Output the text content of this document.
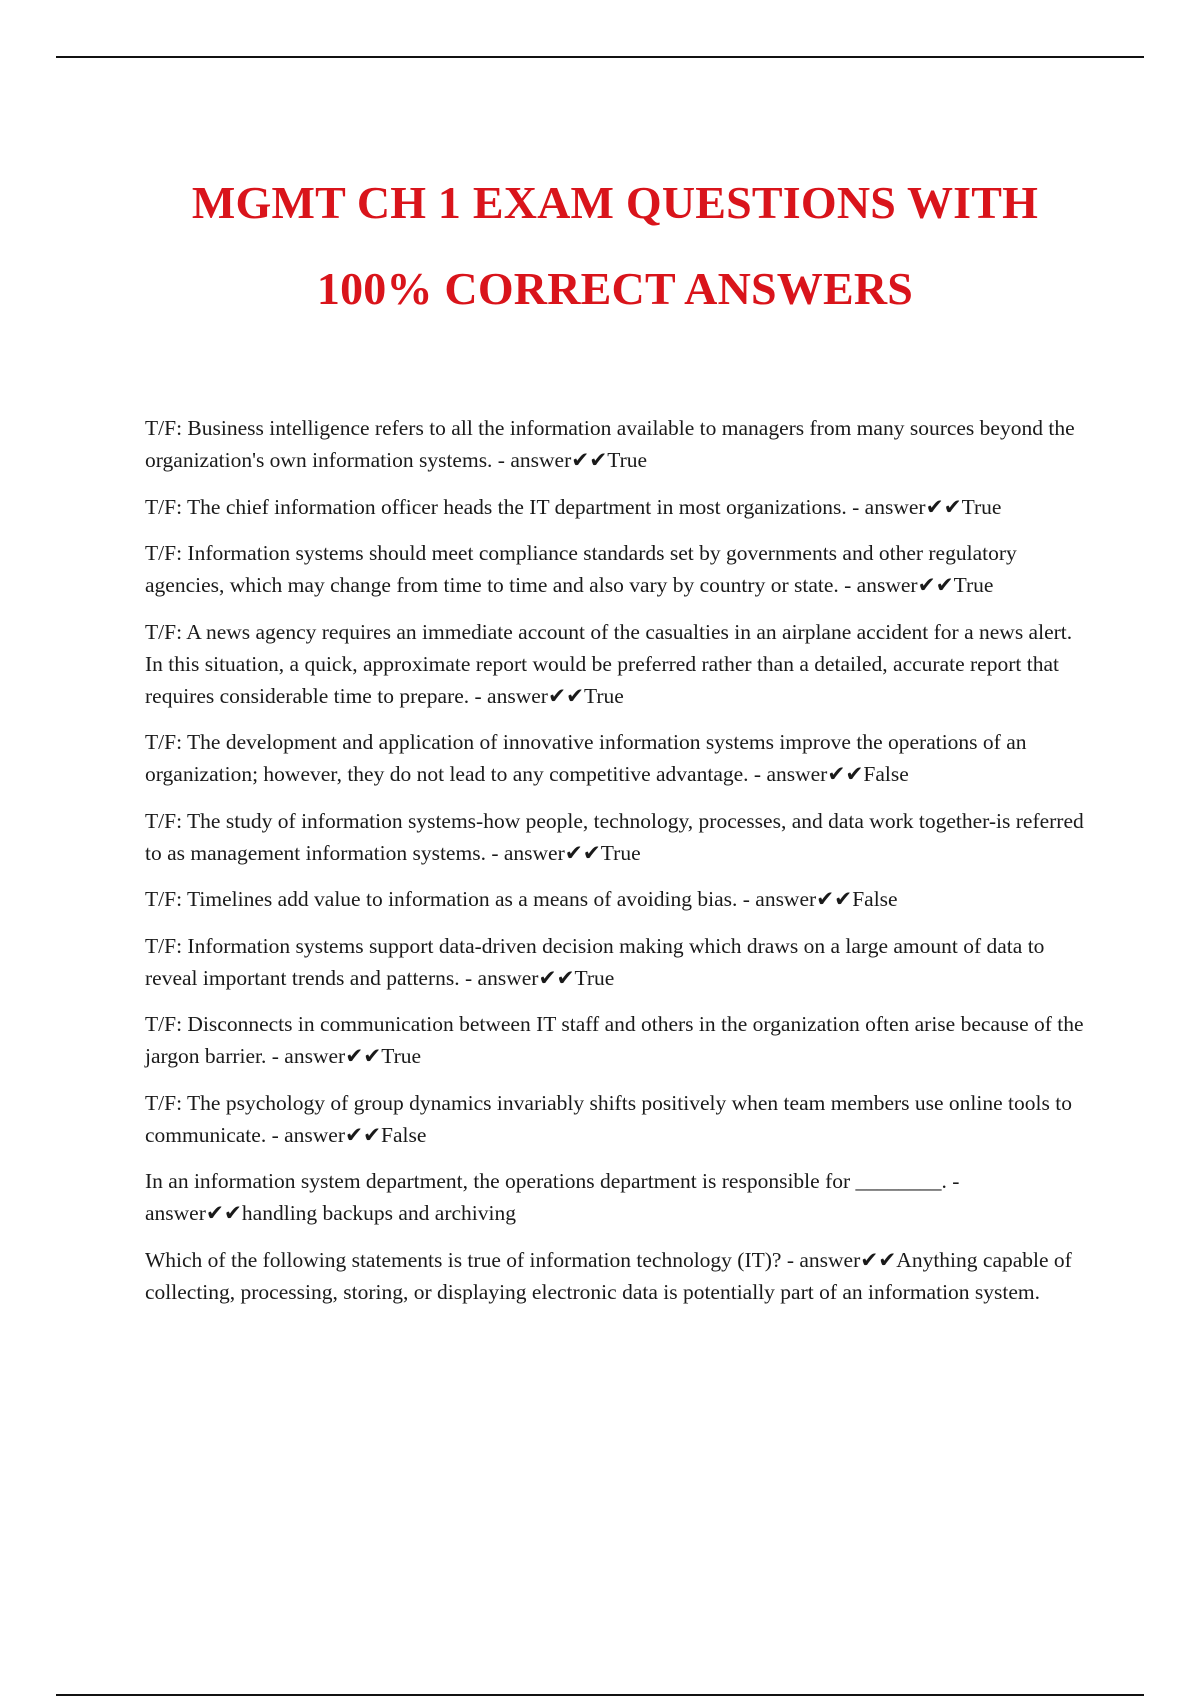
MGMT CH 1 EXAM QUESTIONS WITH

100% CORRECT ANSWERS

T/F: Business intelligence refers to all the information available to managers from many sources beyond the organization's own information systems. - answer✔✔True
T/F: The chief information officer heads the IT department in most organizations. - answer✔✔True
T/F: Information systems should meet compliance standards set by governments and other regulatory agencies, which may change from time to time and also vary by country or state. - answer✔✔True
T/F: A news agency requires an immediate account of the casualties in an airplane accident for a news alert. In this situation, a quick, approximate report would be preferred rather than a detailed, accurate report that requires considerable time to prepare. - answer✔✔True
T/F: The development and application of innovative information systems improve the operations of an organization; however, they do not lead to any competitive advantage. - answer✔✔False
T/F: The study of information systems-how people, technology, processes, and data work together-is referred to as management information systems. - answer✔✔True
T/F: Timelines add value to information as a means of avoiding bias. - answer✔✔False
T/F: Information systems support data-driven decision making which draws on a large amount of data to reveal important trends and patterns. - answer✔✔True
T/F: Disconnects in communication between IT staff and others in the organization often arise because of the jargon barrier. - answer✔✔True
T/F: The psychology of group dynamics invariably shifts positively when team members use online tools to communicate. - answer✔✔False
In an information system department, the operations department is responsible for ________. - answer✔✔handling backups and archiving
Which of the following statements is true of information technology (IT)? - answer✔✔Anything capable of collecting, processing, storing, or displaying electronic data is potentially part of an information system.
